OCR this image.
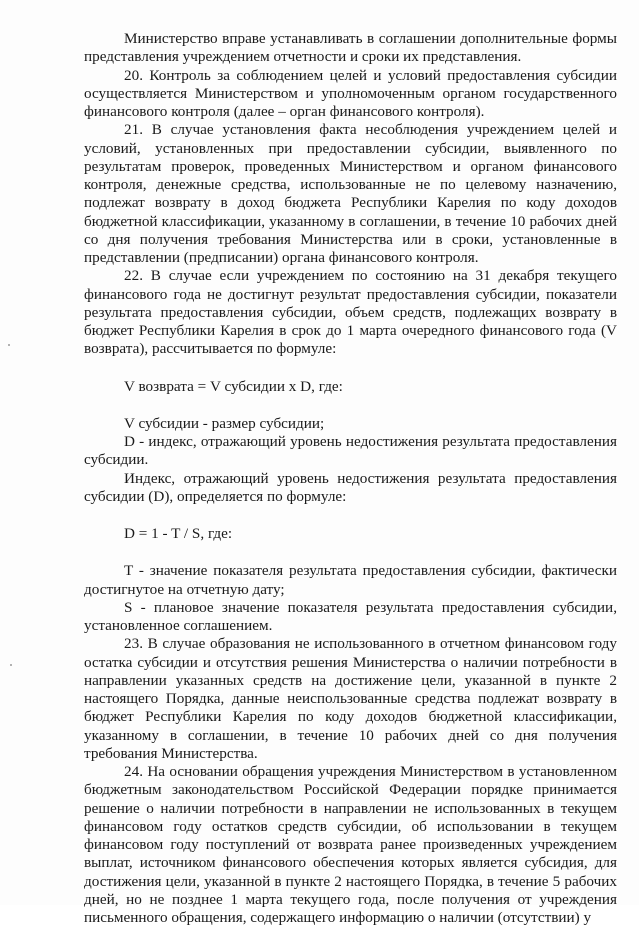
Министерство вправе устанавливать в соглашении дополнительные формы представления учреждением отчетности и сроки их представления.

20. Контроль за соблюдением целей и условий предоставления субсидии осуществляется Министерством и уполномоченным органом государственного финансового контроля (далее – орган финансового контроля).

21. В случае установления факта несоблюдения учреждением целей и условий, установленных при предоставлении субсидии, выявленного по результатам проверок, проведенных Министерством и органом финансового контроля, денежные средства, использованные не по целевому назначению, подлежат возврату в доход бюджета Республики Карелия по коду доходов бюджетной классификации, указанному в соглашении, в течение 10 рабочих дней со дня получения требования Министерства или в сроки, установленные в представлении (предписании) органа финансового контроля.

22. В случае если учреждением по состоянию на 31 декабря текущего финансового года не достигнут результат предоставления субсидии, показатели результата предоставления субсидии, объем средств, подлежащих возврату в бюджет Республики Карелия в срок до 1 марта очередного финансового года (V возврата), рассчитывается по формуле:

V возврата = V субсидии x D, где:

V субсидии - размер субсидии;

D - индекс, отражающий уровень недостижения результата предоставления субсидии.

Индекс, отражающий уровень недостижения результата предоставления субсидии (D), определяется по формуле:

D = 1 - T / S, где:

T - значение показателя результата предоставления субсидии, фактически достигнутое на отчетную дату;

S - плановое значение показателя результата предоставления субсидии, установленное соглашением.

23. В случае образования не использованного в отчетном финансовом году остатка субсидии и отсутствия решения Министерства о наличии потребности в направлении указанных средств на достижение цели, указанной в пункте 2 настоящего Порядка, данные неиспользованные средства подлежат возврату в бюджет Республики Карелия по коду доходов бюджетной классификации, указанному в соглашении, в течение 10 рабочих дней со дня получения требования Министерства.

24. На основании обращения учреждения Министерством в установленном бюджетным законодательством Российской Федерации порядке принимается решение о наличии потребности в направлении не использованных в текущем финансовом году остатков средств субсидии, об использовании в текущем финансовом году поступлений от возврата ранее произведенных учреждением выплат, источником финансового обеспечения которых является субсидия, для достижения цели, указанной в пункте 2 настоящего Порядка, в течение 5 рабочих дней, но не позднее 1 марта текущего года, после получения от учреждения письменного обращения, содержащего информацию о наличии (отсутствии) у
